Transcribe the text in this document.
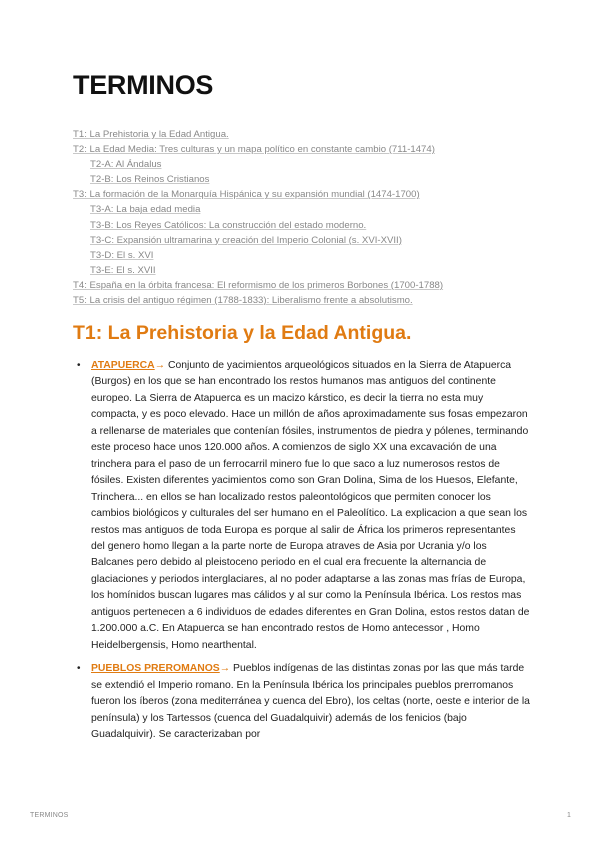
TERMINOS
T1: La Prehistoria y la Edad Antigua.
T2: La Edad Media: Tres culturas y un mapa político en constante cambio (711-1474)
T2-A: Al Ándalus
T2-B: Los Reinos Cristianos
T3: La formación de la Monarquía Hispánica y su expansión mundial (1474-1700)
T3-A: La baja edad media
T3-B: Los Reyes Católicos: La construcción del estado moderno.
T3-C: Expansión ultramarina y creación del Imperio Colonial (s. XVI-XVII)
T3-D: El s. XVI
T3-E: El s. XVII
T4: España en la órbita francesa: El reformismo de los primeros Borbones (1700-1788)
T5: La crisis del antiguo régimen (1788-1833): Liberalismo frente a absolutismo.
T1: La Prehistoria y la Edad Antigua.
• ATAPUERCA→ Conjunto de yacimientos arqueológicos situados en la Sierra de Atapuerca (Burgos) en los que se han encontrado los restos humanos mas antiguos del continente europeo. La Sierra de Atapuerca es un macizo kárstico, es decir la tierra no esta muy compacta, y es poco elevado. Hace un millón de años aproximadamente sus fosas empezaron a rellenarse de materiales que contenían fósiles, instrumentos de piedra y pólenes, terminando este proceso hace unos 120.000 años. A comienzos de siglo XX una excavación de una trinchera para el paso de un ferrocarril minero fue lo que saco a luz numerosos restos de fósiles. Existen diferentes yacimientos como son Gran Dolina, Sima de los Huesos, Elefante, Trinchera... en ellos se han localizado restos paleontológicos que permiten conocer los cambios biológicos y culturales del ser humano en el Paleolítico. La explicacion a que sean los restos mas antiguos de toda Europa es porque al salir de África los primeros representantes del genero homo llegan a la parte norte de Europa atraves de Asia por Ucrania y/o los Balcanes pero debido al pleistoceno periodo en el cual era frecuente la alternancia de glaciaciones y periodos interglaciares, al no poder adaptarse a las zonas mas frías de Europa, los homínidos buscan lugares mas cálidos y al sur como la Península Ibérica. Los restos mas antiguos pertenecen a 6 individuos de edades diferentes en Gran Dolina, estos restos datan de 1.200.000 a.C. En Atapuerca se han encontrado restos de Homo antecessor , Homo Heidelbergensis, Homo nearthental.
• PUEBLOS PREROMANOS→ Pueblos indígenas de las distintas zonas por las que más tarde se extendió el Imperio romano. En la Península Ibérica los principales pueblos prerromanos fueron los íberos (zona mediterránea y cuenca del Ebro), los celtas (norte, oeste e interior de la península) y los Tartessos (cuenca del Guadalquivir) además de los fenicios (bajo Guadalquivir). Se caracterizaban por
TERMINOS	1
